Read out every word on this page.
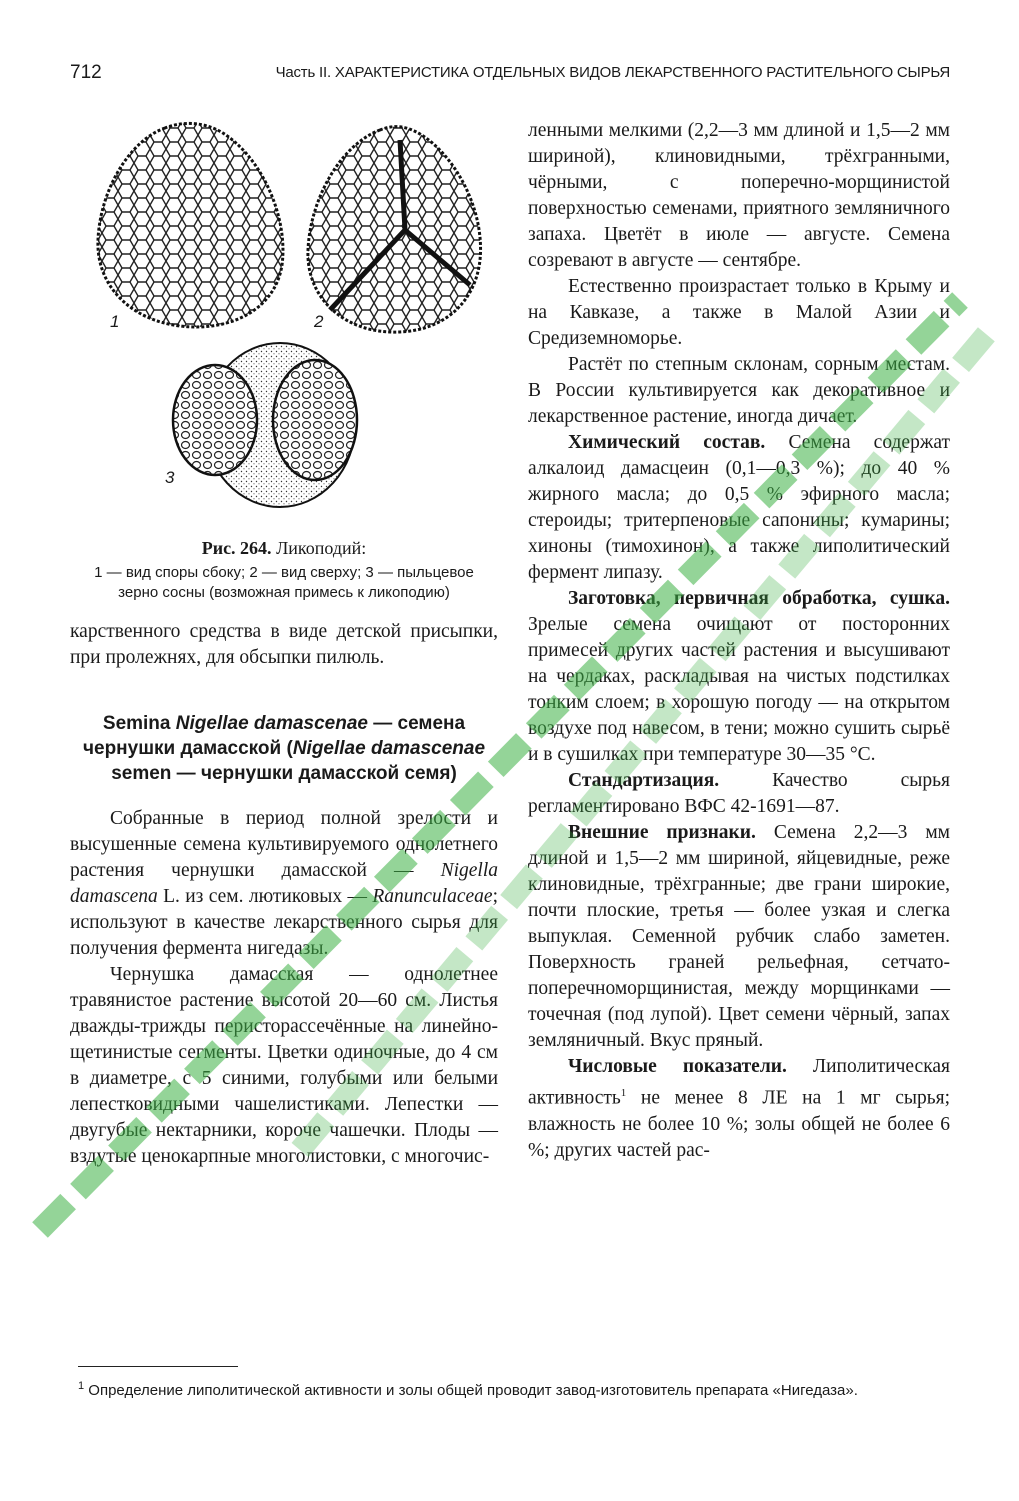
712	Часть II. ХАРАКТЕРИСТИКА ОТДЕЛЬНЫХ ВИДОВ ЛЕКАРСТВЕННОГО РАСТИТЕЛЬНОГО СЫРЬЯ
1	2
3
Рис. 264. Ликоподий:
1 — вид споры сбоку; 2 — вид сверху; 3 — пыльцевое зерно сосны (возможная примесь к ликоподию)

карственного средства в виде детской присыпки, при пролежнях, для обсыпки пилюль.

Semina Nigellae damascenae — семена чернушки дамасской (Nigellae damascenae semen — чернушки дамасской семя)

Собранные в период полной зрелости и высушенные семена культивируемого однолетнего растения чернушки дамасской — Nigella damascena L. из сем. лютиковых — Ranunculaceae; используют в качестве лекарственного сырья для получения фермента нигедазы.

Чернушка дамасская — однолетнее травянистое растение высотой 20—60 см. Листья дважды-трижды перисторассечённые на линейно-щетинистые сегменты. Цветки одиночные, до 4 см в диаметре, с 5 синими, голубыми или белыми лепестковидными чашелистиками. Лепестки — двугубые нектарники, короче чашечки. Плоды — вздутые ценокарпные многолистовки, с многочис-

ленными мелкими (2,2—3 мм длиной и 1,5—2 мм шириной), клиновидными, трёхгранными, чёрными, с поперечно-морщинистой поверхностью семенами, приятного земляничного запаха. Цветёт в июле — августе. Семена созревают в августе — сентябре.

Естественно произрастает только в Крыму и на Кавказе, а также в Малой Азии и Средиземноморье.

Растёт по степным склонам, сорным местам. В России культивируется как декоративное и лекарственное растение, иногда дичает.

Химический состав. Семена содержат алкалоид дамасцеин (0,1—0,3 %); до 40 % жирного масла; до 0,5 % эфирного масла; стероиды; тритерпеновые сапонины; кумарины; хиноны (тимохинон), а также липолитический фермент липазу.

Заготовка, первичная обработка, сушка. Зрелые семена очищают от посторонних примесей других частей растения и высушивают на чердаках, раскладывая на чистых подстилках тонким слоем; в хорошую погоду — на открытом воздухе под навесом, в тени; можно сушить сырьё и в сушилках при температуре 30—35 °C.

Стандартизация. Качество сырья регламентировано ВФС 42-1691—87.

Внешние признаки. Семена 2,2—3 мм длиной и 1,5—2 мм шириной, яйцевидные, реже клиновидные, трёхгранные; две грани широкие, почти плоские, третья — более узкая и слегка выпуклая. Семенной рубчик слабо заметен. Поверхность граней рельефная, сетчато-поперечноморщинистая, между морщинками — точечная (под лупой). Цвет семени чёрный, запах земляничный. Вкус пряный.

Числовые показатели. Липолитическая активность$^1$ не менее 8 ЛЕ на 1 мг сырья; влажность не более 10 %; золы общей не более 6 %; других частей рас-

$^1$ Определение липолитической активности и золы общей проводит завод-изготовитель препарата «Нигедаза».
